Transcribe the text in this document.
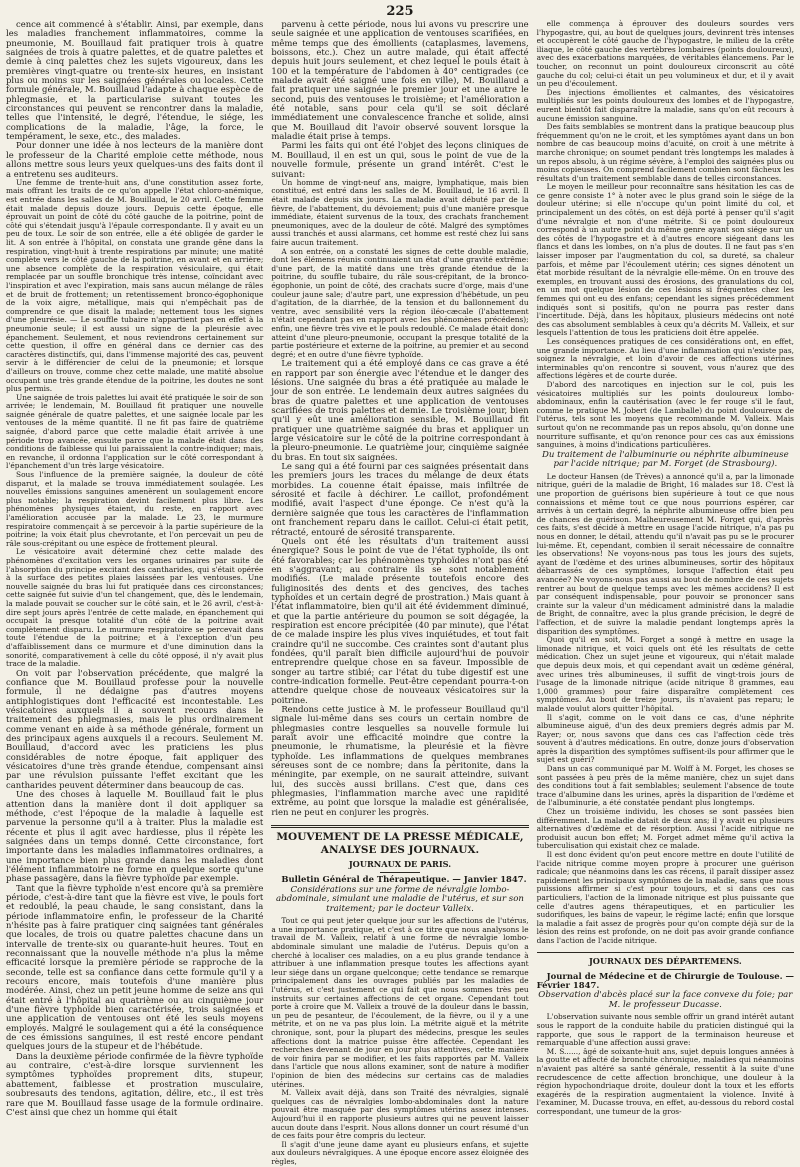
225

cence ait commencé à s'établir. Ainsi, par exemple, dans les maladies franchement inflammatoires, comme la pneumonie, M. Bouillaud fait pratiquer trois à quatre saignées de trois à quatre palettes, et de quatre palettes et demie à cinq palettes chez les sujets vigoureux, dans les premières vingt-quatre ou trente-six heures, en insistant plus ou moins sur les saignées générales ou locales. Cette formule générale, M. Bouillaud l'adapte à chaque espèce de phlegmasie, et la particularise suivant toutes les circonstances qui peuvent se rencontrer dans la maladie, telles que l'intensité, le degré, l'étendue, le siége, les complications de la maladie, l'âge, la force, le tempérament, le sexe, etc., des malades.

Pour donner une idée à nos lecteurs de la manière dont le professeur de la Charité emploie cette méthode, nous allons mettre sous leurs yeux quelques-uns des faits dont il a entretenu ses auditeurs.

Une femme de trente-huit ans, d'une constitution assez forte, mais offrant les traits de ce qu'on appelle l'état chloro-anémique, est entrée dans les salles de M. Bouillaud, le 20 avril. Cette femme était malade depuis douze jours. Depuis cette époque, elle éprouvait un point de côté du côté gauche de la poitrine, point de côté qui s'étendait jusqu'à l'épaule correspondante. Il y avait eu un peu de toux. Le soir de son entrée, elle a été obligée de garder le lit. A son entrée à l'hôpital, on constata une grande gêne dans la respiration, vingt-huit à trente respirations par minute; une matité complète vers le côté gauche de la poitrine, en avant et en arrière; une absence complète de la respiration vésiculaire, qui était remplacée par un souffle bronchique très intense, coïncidant avec l'inspiration et avec l'expiration, mais sans aucun mélange de râles et de bruit de frottement; un retentissement bronco-égophonique de la voix aigre, métallique, mais qui n'empêchait pas de comprendre ce que disait la malade; nettement tous les signes d'une pleurésie. — Le souffle tubaire n'appartient pas en effet à la pneumonie seule; il est aussi un signe de la pleurésie avec épanchement. Seulement, et nous reviendrons certainement sur cette question, il offre en général dans ce dernier cas des caractères distinctifs, qui, dans l'immense majorité des cas, peuvent servir à le différencier de celui de la pneumonie; et lorsque d'ailleurs on trouve, comme chez cette malade, une matité absolue occupant une très grande étendue de la poitrine, les doutes ne sont plus permis.

Une saignée de trois palettes lui avait été pratiquée le soir de son arrivée; le lendemain, M. Bouillaud fit pratiquer une nouvelle saignée générale de quatre palettes, et une saignée locale par les ventouses de la même quantité. Il ne fit pas faire de quatrième saignée, d'abord parce que cette maladie était arrivée à une période trop avancée, ensuite parce que la malade était dans des conditions de faiblesse qui lui paraissaient la contre-indiquer; mais, en revanche, il ordonna l'application sur le côté correspondant à l'épanchement d'un très large vésicatoire.

Sous l'influence de la première saignée, la douleur de côté disparut, et la malade se trouva immédiatement soulagée. Les nouvelles émissions sanguines amenèrent un soulagement encore plus notable; la respiration devint facilement plus libre. Les phénomènes physiques étaient, du reste, en rapport avec l'amélioration accusée par la malade. Le 23, le murmure respiratoire commençait à se percevoir à la partie supérieure de la poitrine; la voix était plus chevrotante, et l'on percevait un peu de râle sous-crépitant ou une espèce de frottement pleural.

Le vésicatoire avait déterminé chez cette malade des phénomènes d'excitation vers les organes urinaires par suite de l'absorption du principe excitant des cantharides, qui s'était opérée à la surface des petites plaies laissées par les ventouses. Une nouvelle saignée du bras lui fut pratiquée dans ces circonstances; cette saignée fut suivie d'un tel changement, que, dès le lendemain, la malade pouvait se coucher sur le côté sain, et le 26 avril, c'est-à-dire sept jours après l'entrée de cette malade, en épanchement qui occupait la presque totalité d'un côté de la poitrine avait complètement disparu. Le murmure respiratoire se percevait dans toute l'étendue de la poitrine; et à l'exception d'un peu d'affaiblissement dans ce murmure et d'une diminution dans la sonorité, comparativement à celle du côté opposé, il n'y avait plus trace de la maladie.

On voit par l'observation précédente, que malgré la confiance que M. Bouillaud professe pour la nouvelle formule, il ne dédaigne pas d'autres moyens antiphlogistiques dont l'efficacité est incontestable. Les vésicatoires auxquels il a souvent recours dans le traitement des phlegmasies, mais le plus ordinairement comme venant en aide à sa méthode générale, forment un des principaux agens auxquels il a recours. Seulement M. Bouillaud, d'accord avec les praticiens les plus considérables de notre époque, fait appliquer des vésicatoires d'une très grande étendue, compensant ainsi par une révulsion puissante l'effet excitant que les cantharides peuvent déterminer dans beaucoup de cas.

Une des choses à laquelle M. Bouillaud fait le plus attention dans la manière dont il doit appliquer sa méthode, c'est l'époque de la maladie à laquelle est parvenue la personne qu'il a à traiter. Plus la maladie est récente et plus il agit avec hardiesse, plus il répète les saignées dans un temps donné. Cette circonstance, fort importante dans les maladies inflammatoires ordinaires, a une importance bien plus grande dans les maladies dont l'élément inflammatoire ne forme en quelque sorte qu'une phase passagère, dans la fièvre typhoïde par exemple.

Tant que la fièvre typhoïde n'est encore qu'à sa première période, c'est-à-dire tant que la fièvre est vive, le pouls fort et redoublé, la peau chaude, le sang consistant, dans la période inflammatoire enfin, le professeur de la Charité n'hésite pas à faire pratiquer cinq saignées tant générales que locales, de trois ou quatre palettes chacune dans un intervalle de trente-six ou quarante-huit heures. Tout en reconnaissant que la nouvelle méthode n'a plus la même efficacité lorsque la première période se rapproche de la seconde, telle est sa confiance dans cette formule qu'il y a recours encore, mais toutefois d'une manière plus modérée. Ainsi, chez un petit jeune homme de seize ans qui était entré à l'hôpital au quatrième ou au cinquième jour d'une fièvre typhoïde bien caractérisée, trois saignées et une application de ventouses ont été les seuls moyens employés. Malgré le soulagement qui a été la conséquence de ces émissions sanguines, il est resté encore pendant quelques jours de la stupeur et de l'hébétude.

Dans la deuxième période confirmée de la fièvre typhoïde au contraire, c'est-à-dire lorsque surviennent les symptômes typhoïdes proprement dits, stupeur, abattement, faiblesse et prostration musculaire, soubresauts des tendons, agitation, délire, etc., il est très rare que M. Bouillaud fasse usage de la formule ordinaire. C'est ainsi que chez un homme qui était

parvenu à cette période, nous lui avons vu prescrire une seule saignée et une application de ventouses scarifiées, en même temps que des émollients (cataplasmes, lavemens, boissons, etc.). Chez un autre malade, qui était affecté depuis huit jours seulement, et chez lequel le pouls était à 100 et la température de l'abdomen à 40° centigrades (ce malade avait été saigné une fois en ville), M. Bouillaud a fait pratiquer une saignée le premier jour et une autre le second, puis des ventouses le troisième; et l'amélioration a été notable, sans pour cela qu'il se soit déclaré immédiatement une convalescence franche et solide, ainsi que M. Bouillaud dit l'avoir observé souvent lorsque la maladie était prise à temps.

Parmi les faits qui ont été l'objet des leçons cliniques de M. Bouillaud, il en est un qui, sous le point de vue de la nouvelle formule, présente un grand intérêt. C'est le suivant:

Un homme de vingt-neuf ans, maigre, lymphatique, mais bien constitué, est entré dans les salles de M. Bouillaud, le 16 avril. Il était malade depuis six jours. La maladie avait débuté par de la fièvre, de l'abattement, du dévoiement; puis d'une manière presque immédiate, étaient survenus de la toux, des crachats franchement pneumoniques, avec de la douleur de côté. Malgré des symptômes aussi tranchés et aussi alarmans, cet homme est resté chez lui sans faire aucun traitement.

A son entrée, on a constaté les signes de cette double maladie, dont les élémens réunis continuaient un état d'une gravité extrême: d'une part, de la matité dans une très grande étendue de la poitrine, du souffle tubaire, du râle sous-crépitant, de la bronco-égophonie, un point de côté, des crachats sucre d'orge, mais d'une couleur jaune sale; d'autre part, une expression d'hébétude, un peu d'agitation, de la diarrhée, de la tension et du ballonnement du ventre, avec sensibilité vers la région iléo-cæcale (l'abattement n'était cependant pas en rapport avec les phénomènes précédens); enfin, une fièvre très vive et le pouls redoublé. Ce malade était donc atteint d'une pleuro-pneumonie, occupant la presque totalité de la partie postérieure et externe de la poitrine, au premier et au second degré; et en outre d'une fièvre typhoïde.

Le traitement qui a été employé dans ce cas grave a été en rapport par son énergie avec l'étendue et le danger des lésions. Une saignée du bras a été pratiquée au malade le jour de son entrée. Le lendemain deux autres saignées du bras de quatre palettes et une application de ventouses scarifiées de trois palettes et demie. Le troisième jour, bien qu'il y eût une amélioration sensible, M. Bouillaud fit pratiquer une quatrième saignée du bras et appliquer un large vésicatoire sur le côté de la poitrine correspondant à la pleuro-pneumonie. Le quatrième jour, cinquième saignée du bras. En tout six saignées.

Le sang qui a été fourni par ces saignées présentait dans les premiers jours les traces du mélange de deux états morbides. La couenne était épaisse, mais infiltrée de sérosité et facile à déchirer. Le caillot, profondément modifié, avait l'aspect d'une éponge. Ce n'est qu'à la dernière saignée que tous les caractères de l'inflammation ont franchement reparu dans le caillot. Celui-ci était petit, rétracté, entouré de sérosité transparente.

Quels ont été les résultats d'un traitement aussi énergique? Sous le point de vue de l'état typhoïde, ils ont été favorables; car les phénomènes typhoïdes n'ont pas été en s'aggravant; au contraire ils se sont notablement modifiés. (Le malade présente toutefois encore des fuliginosités des dents et des gencives, des taches typhoïdes et un certain degré de prostration.) Mais quant à l'état inflammatoire, bien qu'il ait été évidemment diminué, et que la partie antérieure du poumon se soit dégagée, la respiration est encore précipitée (40 par minute), que l'état de ce malade inspire les plus vives inquiétudes, et tout fait craindre qu'il ne succombe. Ces craintes sont d'autant plus fondées, qu'il paraît bien difficile aujourd'hui de pouvoir entreprendre quelque chose en sa faveur. Impossible de songer au tartre stibié; car l'état du tube digestif est une contre-indication formelle. Peut-être cependant pourra-t-on attendre quelque chose de nouveaux vésicatoires sur la poitrine.

Rendons cette justice à M. le professeur Bouillaud qu'il signale lui-même dans ses cours un certain nombre de phlegmasies contre lesquelles sa nouvelle formule lui paraît avoir une efficacité moindre que contre la pneumonie, le rhumatisme, la pleurésie et la fièvre typhoïde. Les inflammations de quelques membranes séreuses sont de ce nombre; dans la péritonite, dans la méningite, par exemple, on ne saurait atteindre, suivant lui, des succès aussi brillans. C'est que, dans ces phlegmasies, l'inflammation marche avec une rapidité extrême, au point que lorsque la maladie est généralisée, rien ne peut en conjurer les progrès.

MOUVEMENT DE LA PRESSE MÉDICALE, ANALYSE DES JOURNAUX.
JOURNAUX DE PARIS.

Bulletin Général de Thérapeutique. — Janvier 1847.

Considérations sur une forme de névralgie lombo-abdominale, simulant une maladie de l'utérus, et sur son traitement; par le docteur Valleix.

Tout ce qui peut jeter quelque jour sur les affections de l'utérus, a une importance pratique, et c'est à ce titre que nous analysons le travail de M. Valleix, relatif à une forme de névralgie lombo-abdominale simulant une maladie de l'utérus. Depuis qu'on a cherché à localiser ces maladies, on a eu plus grande tendance à attribuer à une inflammation presque toutes les affections ayant leur siége dans un organe quelconque; cette tendance se remarque principalement dans les ouvrages publiés par les maladies de l'utérus, et c'est justement ce qui fait que nous sommes très peu instruits sur certaines affections de cet organe. Cependant tout porte à croire que M. Valleix a trouvé de la douleur dans le bassin, un peu de pesanteur, de l'écoulement, de la fièvre, ou il y a une métrite, et on ne va pas plus loin. La métrite aiguë et la métrite chronique, sont, pour la plupart des médecins, presque les seules affections dont la matrice puisse être affectée. Cependant les recherches devenant de jour en jour plus attentives, cette manière de voir finira par se modifier, et les faits rapportés par M. Valleix dans l'article que nous allons examiner, sont de nature à modifier l'opinion de bien des médecins sur certains cas de maladies utérines.

M. Valleix avait déjà, dans son Traité des névralgies, signalé quelques cas de névralgies lombo-abdominales dont la nature pouvait être masquée par des symptômes utérins assez intenses. Aujourd'hui il en rapporte plusieurs autres qui ne peuvent laisser aucun doute dans l'esprit. Nous allons donner un court résumé d'un de ces faits pour être compris du lecteur.

Il s'agit d'une jeune dame ayant eu plusieurs enfans, et sujette aux douleurs névralgiques. A une époque encore assez éloignée des règles,

elle commença à éprouver des douleurs sourdes vers l'hypogastre, qui, au bout de quelques jours, devinrent très intenses et occupèrent le côté gauche de l'hypogastre, le milieu de la crête iliaque, le côté gauche des vertèbres lombaires (points douloureux), avec des exacerbations marquées, de véritables élancemens. Par le toucher, on reconnut un point douloureux circonscrit au côté gauche du col; celui-ci était un peu volumineux et dur, et il y avait un peu d'écoulement.

Des injections émollientes et calmantes, des vésicatoires multipliés sur les points douloureux des lombes et de l'hypogastre, eurent bientôt fait disparaître la maladie, sans qu'on eût recours à aucune émission sanguine.

Des faits semblables se montrent dans la pratique beaucoup plus fréquemment qu'on ne le croit, et les symptômes ayant dans un bon nombre de cas beaucoup moins d'acuité, on croit à une métrite à marche chronique; on soumet pendant très longtemps les malades à un repos absolu, à un régime sévère, à l'emploi des saignées plus ou moins copieuses. On comprend facilement combien sont fâcheux les résultats d'un traitement semblable dans de telles circonstances.

Le moyen le meilleur pour reconnaître sans hésitation les cas de ce genre consiste 1° à noter avec le plus grand soin le siége de la douleur utérine; si elle n'occupe qu'un point limité du col, et principalement un des côtés, on est déjà porté à penser qu'il s'agit d'une névralgie et non d'une métrite. Si ce point douloureux correspond à un autre point du même genre ayant son siége sur un des côtés de l'hypogastre et à d'autres encore siégeant dans les flancs et dans les lombes, on n'a plus de doutes. Il ne faut pas s'en laisser imposer par l'augmentation du col, sa dureté, sa chaleur parfois, et même par l'écoulement utérin; ces signes dénotent un état morbide résultant de la névralgie elle-même. On en trouve des exemples, en trouvant aussi des érosions, des granulations du col, en un mot quelque lésion de ces lésions si fréquentes chez les femmes qui ont eu des enfans; cependant les signes précédemment indiqués sont si positifs, qu'on ne pourra pas rester dans l'incertitude. Déjà, dans les hôpitaux, plusieurs médecins ont noté des cas absolument semblables à ceux qu'a décrits M. Valleix, et sur lesquels l'attention de tous les praticiens doit être appelée.

Les conséquences pratiques de ces considérations ont, en effet, une grande importance. Au lieu d'une inflammation qui n'existe pas, soignez la névralgie, et loin d'avoir de ces affections utérines interminables qu'on rencontre si souvent, vous n'aurez que des affections légères et de courte durée.

D'abord des narcotiques en injection sur le col, puis les vésicatoires multipliés sur les points douloureux lombo-abdominaux, enfin la cautérisation (avec le fer rouge s'il le faut, comme le pratique M. Jobert (de Lamballe) du point douloureux de l'utérus, tels sont les moyens que recommande M. Valleix. Mais surtout qu'on ne recommande pas un repos absolu, qu'on donne une nourriture suffisante, et qu'on renonce pour ces cas aux émissions sanguines, à moins d'indications particulières.

Du traitement de l'albuminurie ou néphrite albumineuse par l'acide nitrique; par M. Forget (de Strasbourg).

Le docteur Hansen (de Trèves) a annoncé qu'il a, par la limonade nitrique, guéri de la maladie de Bright, 16 malades sur 18. C'est là une proportion de guérisons bien supérieure à tout ce que nous connaissions et même tout ce que nous pourrions espérer, car arrivés à un certain degré, la néphrite albumineuse offre bien peu de chances de guérison. Malheureusement M. Forget qui, d'après ces faits, s'est décidé à mettre en usage l'acide nitrique, n'a pas pu nous en donner, le détail, attendu qu'il n'avait pas pu se le procurer lui-même. Et, cependant, combien il serait nécessaire de connaître les observations! Ne voyons-nous pas tous les jours des sujets, ayant de l'œdème et des urines albumineuses, sortir des hôpitaux débarrassés de ces symptômes, lorsque l'affection était peu avancée? Ne voyons-nous pas aussi au bout de nombre de ces sujets rentrer au bout de quelque temps avec les mêmes accidens? Il est par conséquent indispensable, pour pouvoir se prononcer sans crainte sur la valeur d'un médicament administré dans la maladie de Bright, de connaître, avec la plus grande précision, le degré de l'affection, et de suivre la maladie pendant longtemps après la disparition des symptômes.

Quoi qu'il en soit, M. Forget a songé à mettre en usage la limonade nitrique, et voici quels ont été les résultats de cette médication. Chez un sujet jeune et vigoureux, qui n'était malade que depuis deux mois, et qui cependant avait un œdème général, avec urines très albumineuses, il suffit de vingt-trois jours de l'usage de la limonade nitrique (acide nitrique 8 grammes, eau 1,000 grammes) pour faire disparaître complètement ces symptômes. Au bout de treize jours, ils n'avaient pas reparu; le malade voulut alors quitter l'hôpital.

Il s'agit, comme on le voit dans ce cas, d'une néphrite albumineuse aiguë, d'un des deux premiers degrés admis par M. Rayer; or, nous savons que dans ces cas l'affection cède très souvent à d'autres médications. En outre, donze jours d'observation après la disparition des symptômes suffisent-ils pour affirmer que le sujet est guéri?

Dans un cas communiqué par M. Wolff à M. Forget, les choses se sont passées à peu près de la même manière, chez un sujet dans des conditions tout à fait semblables; seulement l'absence de toute trace d'albumine dans les urines, après la disparition de l'œdème et de l'albuminurie, a été constatée pendant plus longtemps.

Chez un troisième individu, les choses se sont passées bien différemment. La maladie datait de deux ans; il y avait eu plusieurs alternatives d'œdème et de résorption. Aussi l'acide nitrique ne produisit aucun bon effet; M. Forget admet même qu'il activa la tuberculisation qui existait chez ce malade.

Il est donc évident qu'on peut encore mettre en doute l'utilité de l'acide nitrique comme moyen propre à procurer une guérison radicale; que néanmoins dans les cas récens, il paraît dissiper assez rapidement les principaux symptômes de la maladie, sans que nous puissions affirmer si c'est pour toujours, et si dans ces cas particuliers, l'action de la limonade nitrique est plus puissante que celle d'autres agens thérapeutiques, et en particulier les sudorifiques, les bains de vapeur, le régime lacté; enfin que lorsque la maladie a fait assez de progrès pour qu'on compte déjà sur de la lésion des reins est profonde, on ne doit pas avoir grande confiance dans l'action de l'acide nitrique.

JOURNAUX DES DÉPARTEMENS.

Journal de Médecine et de Chirurgie de Toulouse. — Février 1847.

Observation d'abcès placé sur la face convexe du foie; par M. le professeur Ducasse.

L'observation suivante nous semble offrir un grand intérêt autant sous le rapport de la conduite habile du praticien distingué qui la rapporte, que sous le rapport de la terminaison heureuse et remarquable d'une affection aussi grave:

M. S......, âgé de soixante-huit ans, sujet depuis longues années à la goutte et affecté de bronchite chronique, maladies qui néanmoins n'avaient pas altéré sa santé générale, ressentit à la suite d'une recrudescence de cette affection bronchique, une douleur à la région hypochondriaque droite, douleur dont la toux et les efforts exagérés de la respiration augmentaient la violence. Invité à l'examiner, M. Ducasse trouva, en effet, au-dessous du rebord costal correspondant, une tumeur de la gros-
